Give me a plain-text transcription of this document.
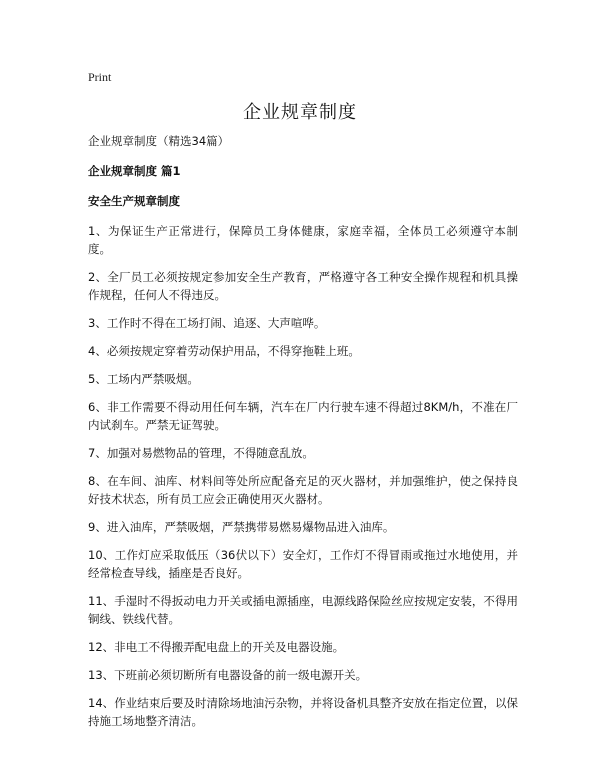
Print
企业规章制度
企业规章制度（精选34篇）
企业规章制度 篇1
安全生产规章制度
1、为保证生产正常进行，保障员工身体健康，家庭幸福，全体员工必须遵守本制度。
2、全厂员工必须按规定参加安全生产教育，严格遵守各工种安全操作规程和机具操作规程，任何人不得违反。
3、工作时不得在工场打闹、追逐、大声喧哗。
4、必须按规定穿着劳动保护用品，不得穿拖鞋上班。
5、工场内严禁吸烟。
6、非工作需要不得动用任何车辆，汽车在厂内行驶车速不得超过8KM/h，不准在厂内试刹车。严禁无证驾驶。
7、加强对易燃物品的管理，不得随意乱放。
8、在车间、油库、材料间等处所应配备充足的灭火器材，并加强维护，使之保持良好技术状态，所有员工应会正确使用灭火器材。
9、进入油库，严禁吸烟，严禁携带易燃易爆物品进入油库。
10、工作灯应采取低压（36伏以下）安全灯，工作灯不得冒雨或拖过水地使用，并经常检查导线，插座是否良好。
11、手湿时不得扳动电力开关或插电源插座，电源线路保险丝应按规定安装，不得用铜线、铁线代替。
12、非电工不得搬弄配电盘上的开关及电器设施。
13、下班前必须切断所有电器设备的前一级电源开关。
14、作业结束后要及时清除场地油污杂物，并将设备机具整齐安放在指定位置，以保持施工场地整齐清洁。
